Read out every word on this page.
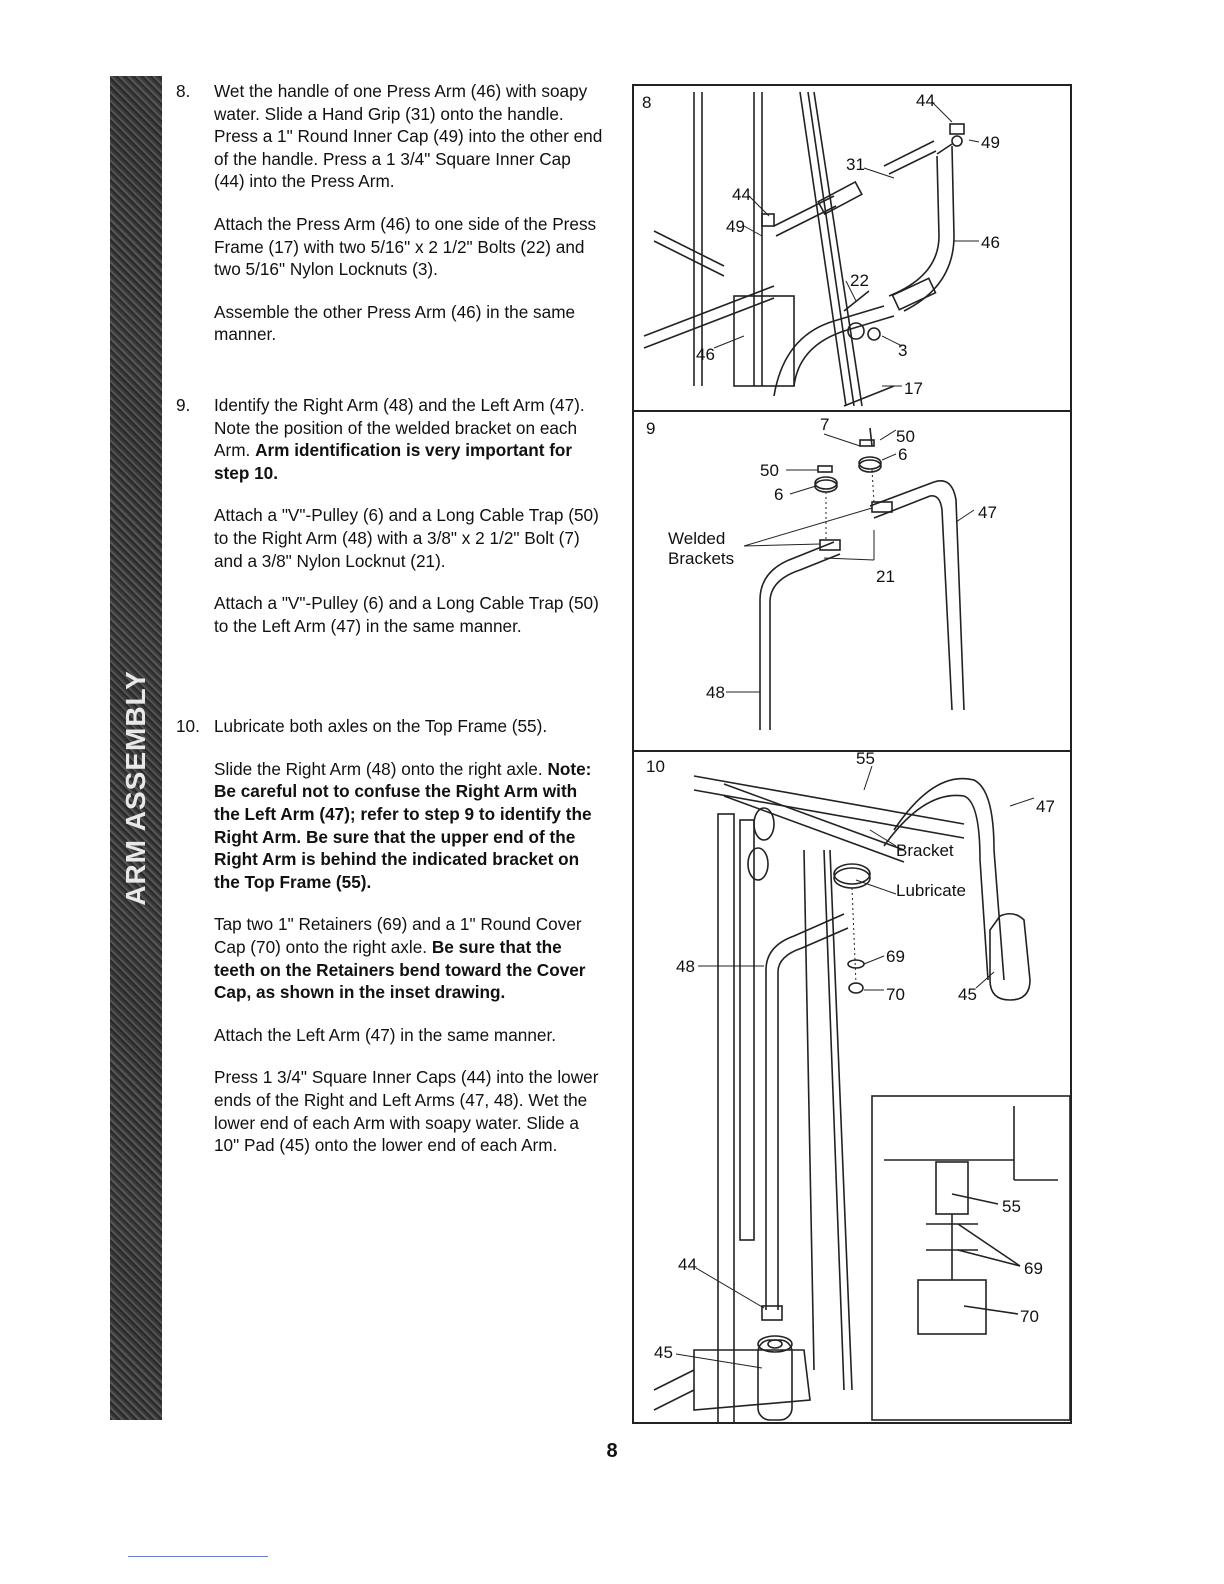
ARM ASSEMBLY
8.	Wet the handle of one Press Arm (46) with soapy water. Slide a Hand Grip (31) onto the handle. Press a 1" Round Inner Cap (49) into the other end of the handle. Press a 1 3/4" Square Inner Cap (44) into the Press Arm.

Attach the Press Arm (46) to one side of the Press Frame (17) with two 5/16" x 2 1/2" Bolts (22) and two 5/16" Nylon Locknuts (3).

Assemble the other Press Arm (46) in the same manner.

9.	Identify the Right Arm (48) and the Left Arm (47). Note the position of the welded bracket on each Arm. Arm identification is very important for step 10.

Attach a "V"-Pulley (6) and a Long Cable Trap (50) to the Right Arm (48) with a 3/8" x 2 1/2" Bolt (7) and a 3/8" Nylon Locknut (21).

Attach a "V"-Pulley (6) and a Long Cable Trap (50) to the Left Arm (47) in the same manner.

10. Lubricate both axles on the Top Frame (55).

Slide the Right Arm (48) onto the right axle. Note: Be careful not to confuse the Right Arm with the Left Arm (47); refer to step 9 to identify the Right Arm. Be sure that the upper end of the Right Arm is behind the indicated bracket on the Top Frame (55).

Tap two 1" Retainers (69) and a 1" Round Cover Cap (70) onto the right axle. Be sure that the teeth on the Retainers bend toward the Cover Cap, as shown in the inset drawing.

Attach the Left Arm (47) in the same manner.

Press 1 3/4" Square Inner Caps (44) into the lower ends of the Right and Left Arms (47, 48). Wet the lower end of each Arm with soapy water. Slide a 10" Pad (45) onto the lower end of each Arm.

8	44
49
31
44
49
46
22
46	3
17
9	7
50
50
6
6
47
Welded
Brackets
21
48
10	55
47
Bracket
Lubricate
48
69
70	45
44
45
55
69
70
8
